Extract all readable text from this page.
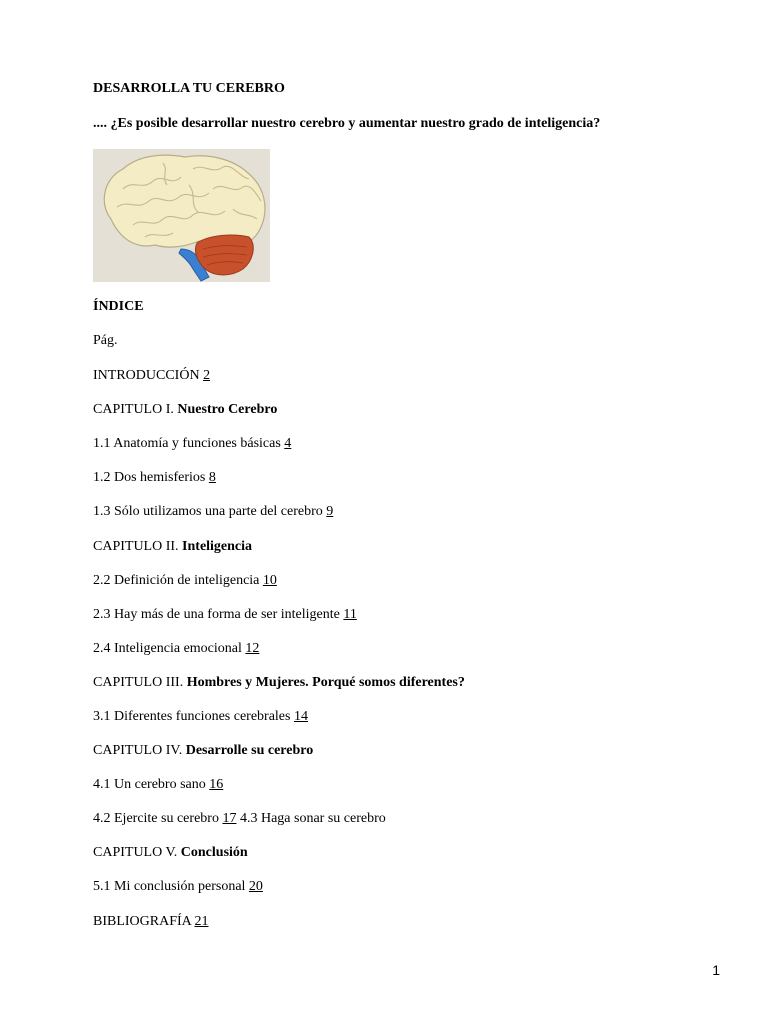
DESARROLLA TU CEREBRO
.... ¿Es posible desarrollar nuestro cerebro y aumentar nuestro grado de inteligencia?
ÍNDICE
Pág.
INTRODUCCIÓN 2
CAPITULO I. Nuestro Cerebro
1.1 Anatomía y funciones básicas 4
1.2 Dos hemisferios 8
1.3 Sólo utilizamos una parte del cerebro 9
CAPITULO II. Inteligencia
2.2 Definición de inteligencia 10
2.3 Hay más de una forma de ser inteligente 11
2.4 Inteligencia emocional 12
CAPITULO III. Hombres y Mujeres. Porqué somos diferentes?
3.1 Diferentes funciones cerebrales 14
CAPITULO IV. Desarrolle su cerebro
4.1 Un cerebro sano 16
4.2 Ejercite su cerebro 17 4.3 Haga sonar su cerebro
CAPITULO V. Conclusión
5.1 Mi conclusión personal 20
BIBLIOGRAFÍA 21
1
